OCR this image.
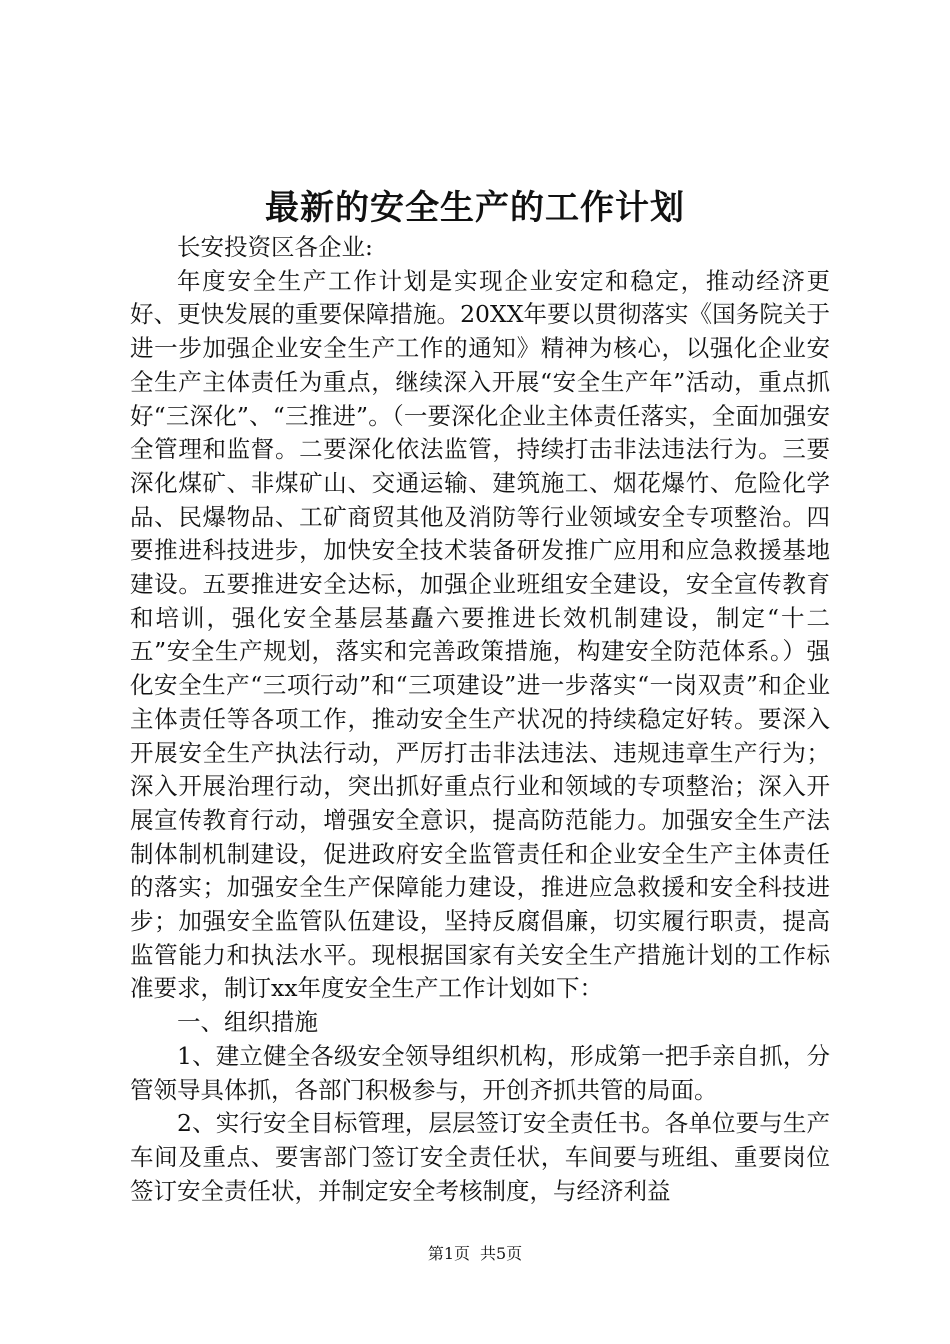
最新的安全生产的工作计划

长安投资区各企业:

年度安全生产工作计划是实现企业安定和稳定，推动经济更好、更快发展的重要保障措施。20XX年要以贯彻落实《国务院关于进一步加强企业安全生产工作的通知》精神为核心，以强化企业安全生产主体责任为重点，继续深入开展“安全生产年”活动，重点抓好“三深化”、“三推进”。（一要深化企业主体责任落实，全面加强安全管理和监督。二要深化依法监管，持续打击非法违法行为。三要深化煤矿、非煤矿山、交通运输、建筑施工、烟花爆竹、危险化学品、民爆物品、工矿商贸其他及消防等行业领域安全专项整治。四要推进科技进步，加快安全技术装备研发推广应用和应急救援基地建设。五要推进安全达标，加强企业班组安全建设，安全宣传教育和培训，强化安全基层基矗六要推进长效机制建设，制定“十二五”安全生产规划，落实和完善政策措施，构建安全防范体系。）强化安全生产“三项行动”和“三项建设”进一步落实“一岗双责”和企业主体责任等各项工作，推动安全生产状况的持续稳定好转。要深入开展安全生产执法行动，严厉打击非法违法、违规违章生产行为；深入开展治理行动，突出抓好重点行业和领域的专项整治；深入开展宣传教育行动，增强安全意识，提高防范能力。加强安全生产法制体制机制建设，促进政府安全监管责任和企业安全生产主体责任的落实；加强安全生产保障能力建设，推进应急救援和安全科技进步；加强安全监管队伍建设，坚持反腐倡廉，切实履行职责，提高监管能力和执法水平。现根据国家有关安全生产措施计划的工作标准要求，制订xx年度安全生产工作计划如下：

一、组织措施

1、建立健全各级安全领导组织机构，形成第一把手亲自抓，分管领导具体抓，各部门积极参与，开创齐抓共管的局面。

2、实行安全目标管理，层层签订安全责任书。各单位要与生产车间及重点、要害部门签订安全责任状，车间要与班组、重要岗位签订安全责任状，并制定安全考核制度，与经济利益

第1页 共5页
